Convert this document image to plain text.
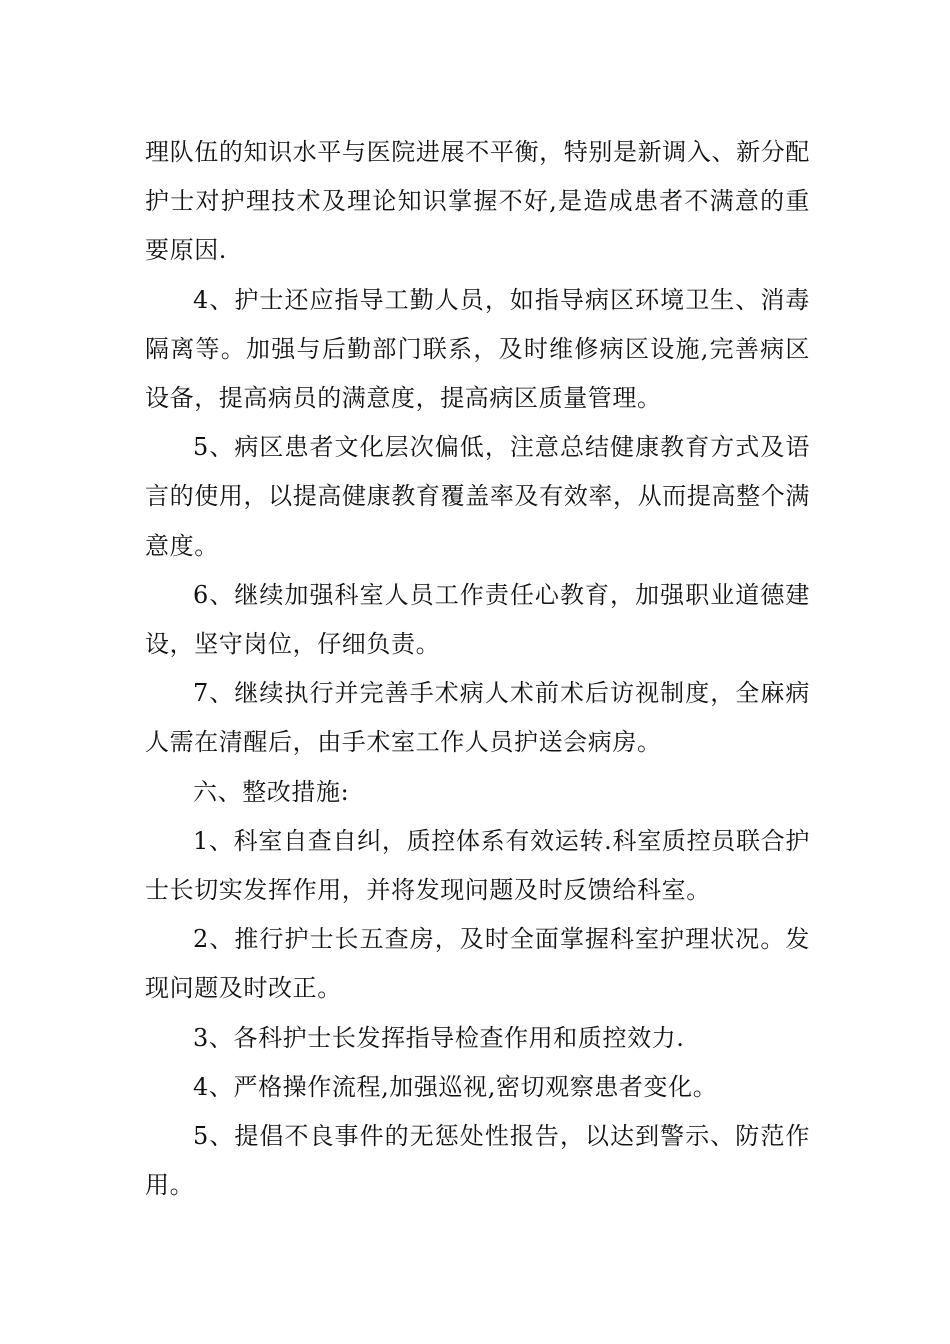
理队伍的知识水平与医院进展不平衡，特别是新调入、新分配护士对护理技术及理论知识掌握不好,是造成患者不满意的重要原因.

4、护士还应指导工勤人员，如指导病区环境卫生、消毒隔离等。加强与后勤部门联系，及时维修病区设施,完善病区设备，提高病员的满意度，提高病区质量管理。

5、病区患者文化层次偏低，注意总结健康教育方式及语言的使用，以提高健康教育覆盖率及有效率，从而提高整个满意度。

6、继续加强科室人员工作责任心教育，加强职业道德建设，坚守岗位，仔细负责。

7、继续执行并完善手术病人术前术后访视制度，全麻病人需在清醒后，由手术室工作人员护送会病房。

六、整改措施:

1、科室自查自纠，质控体系有效运转.科室质控员联合护士长切实发挥作用，并将发现问题及时反馈给科室。

2、推行护士长五查房，及时全面掌握科室护理状况。发现问题及时改正。

3、各科护士长发挥指导检查作用和质控效力.

4、严格操作流程,加强巡视,密切观察患者变化。

5、提倡不良事件的无惩处性报告，以达到警示、防范作用。
